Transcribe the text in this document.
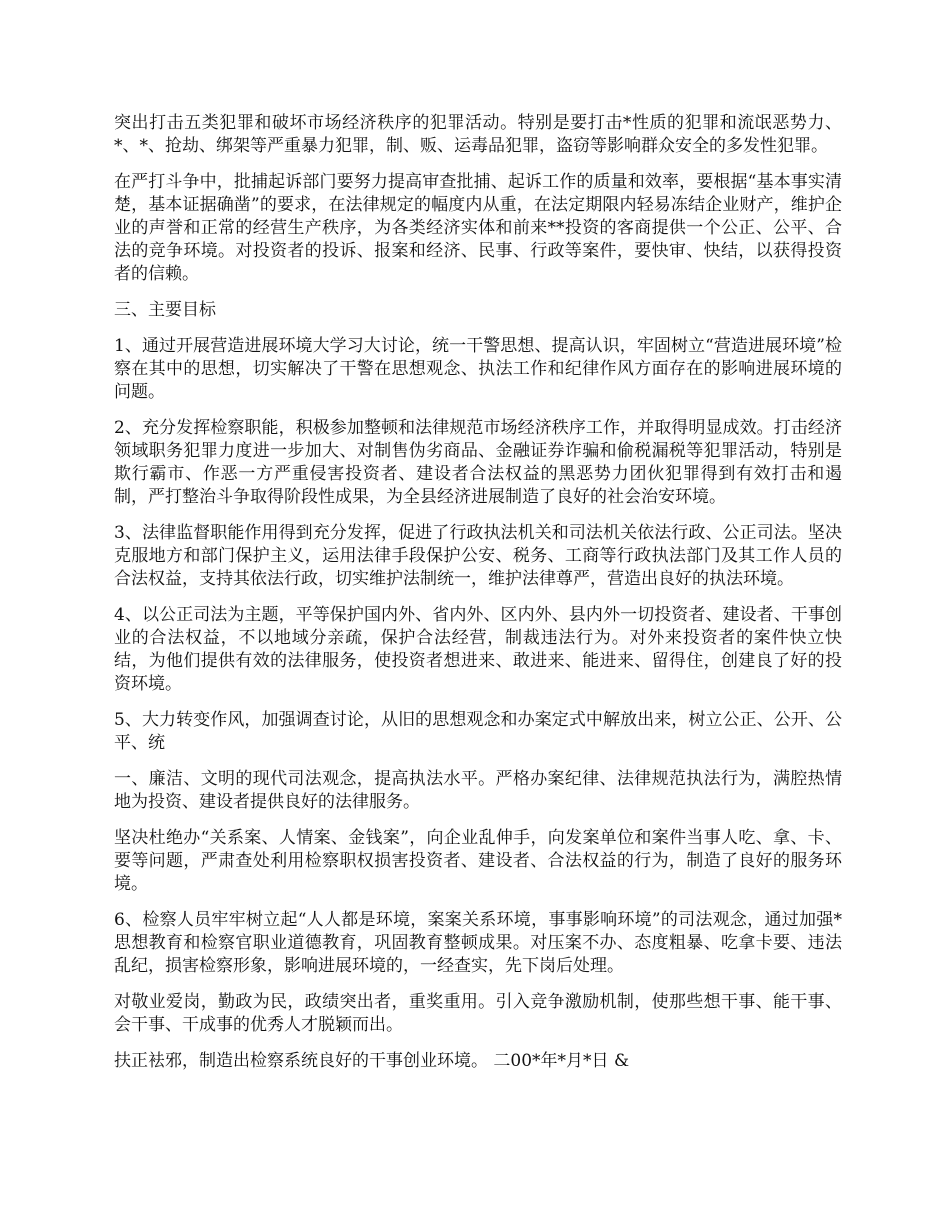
突出打击五类犯罪和破坏市场经济秩序的犯罪活动。特别是要打击*性质的犯罪和流氓恶势力、*、*、抢劫、绑架等严重暴力犯罪，制、贩、运毒品犯罪，盗窃等影响群众安全的多发性犯罪。

在严打斗争中，批捕起诉部门要努力提高审查批捕、起诉工作的质量和效率，要根据“基本事实清楚，基本证据确凿”的要求，在法律规定的幅度内从重，在法定期限内轻易冻结企业财产，维护企业的声誉和正常的经营生产秩序，为各类经济实体和前来**投资的客商提供一个公正、公平、合法的竞争环境。对投资者的投诉、报案和经济、民事、行政等案件，要快审、快结，以获得投资者的信赖。

三、主要目标

1、通过开展营造进展环境大学习大讨论，统一干警思想、提高认识，牢固树立“营造进展环境”检察在其中的思想，切实解决了干警在思想观念、执法工作和纪律作风方面存在的影响进展环境的问题。

2、充分发挥检察职能，积极参加整顿和法律规范市场经济秩序工作，并取得明显成效。打击经济领域职务犯罪力度进一步加大、对制售伪劣商品、金融证券诈骗和偷税漏税等犯罪活动，特别是欺行霸市、作恶一方严重侵害投资者、建设者合法权益的黑恶势力团伙犯罪得到有效打击和遏制，严打整治斗争取得阶段性成果，为全县经济进展制造了良好的社会治安环境。

3、法律监督职能作用得到充分发挥，促进了行政执法机关和司法机关依法行政、公正司法。坚决 克服地方和部门保护主义，运用法律手段保护公安、税务、工商等行政执法部门及其工作人员的合法权益，支持其依法行政，切实维护法制统一，维护法律尊严，营造出良好的执法环境。

4、以公正司法为主题，平等保护国内外、省内外、区内外、县内外一切投资者、建设者、干事创业的合法权益，不以地域分亲疏，保护合法经营，制裁违法行为。对外来投资者的案件快立快结，为他们提供有效的法律服务，使投资者想进来、敢进来、能进来、留得住，创建良了好的投资环境。

5、大力转变作风，加强调查讨论，从旧的思想观念和办案定式中解放出来，树立公正、公开、公平、统

一、廉洁、文明的现代司法观念，提高执法水平。严格办案纪律、法律规范执法行为，满腔热情地为投资、建设者提供良好的法律服务。

坚决杜绝办“关系案、人情案、金钱案”，向企业乱伸手，向发案单位和案件当事人吃、拿、卡、要等问题，严肃查处利用检察职权损害投资者、建设者、合法权益的行为，制造了良好的服务环境。

6、检察人员牢牢树立起“人人都是环境，案案关系环境，事事影响环境”的司法观念，通过加强*思想教育和检察官职业道德教育，巩固教育整顿成果。对压案不办、态度粗暴、吃拿卡要、违法乱纪，损害检察形象，影响进展环境的，一经查实，先下岗后处理。

对敬业爱岗，勤政为民，政绩突出者，重奖重用。引入竞争激励机制，使那些想干事、能干事、会干事、干成事的优秀人才脱颖而出。

扶正袪邪，制造出检察系统良好的干事创业环境。 二00*年*月*日 &
